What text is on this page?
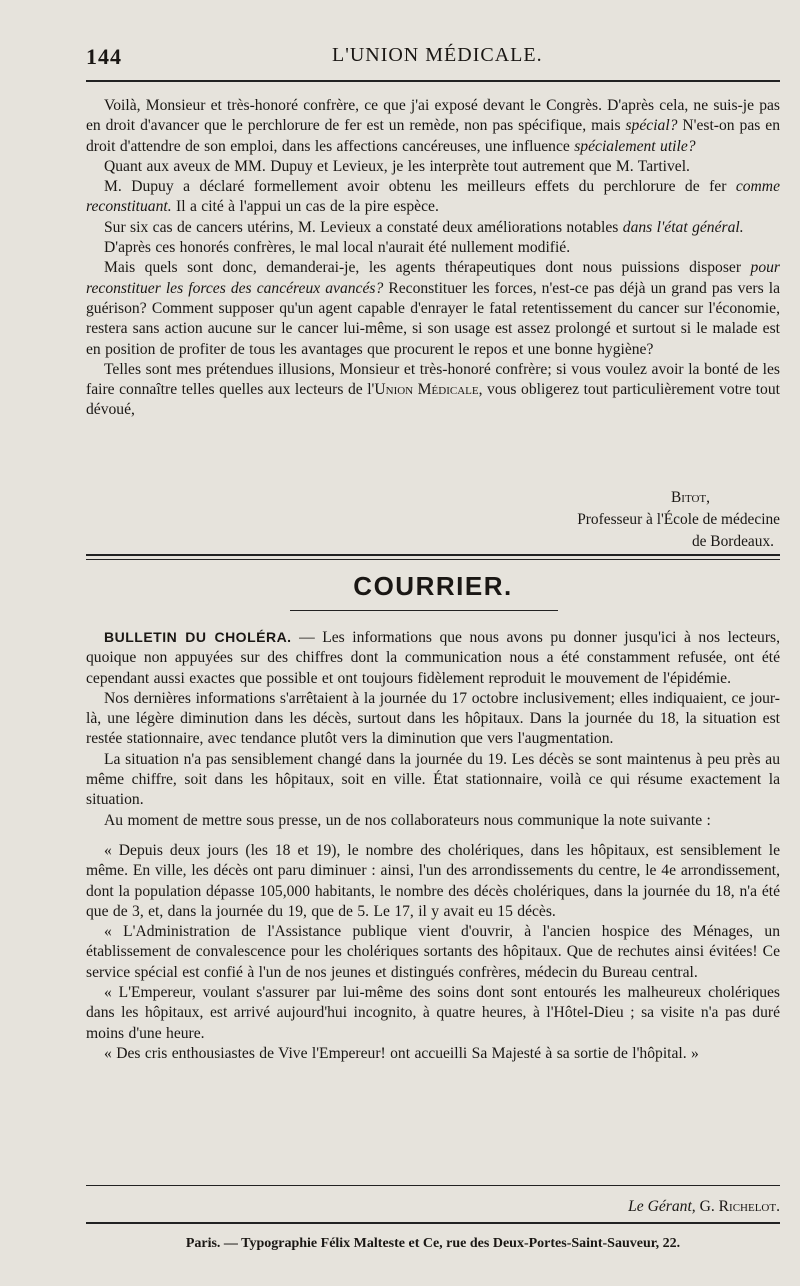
144	L'UNION MÉDICALE.

Voilà, Monsieur et très-honoré confrère, ce que j'ai exposé devant le Congrès. D'après cela, ne suis-je pas en droit d'avancer que le perchlorure de fer est un remède, non pas spécifique, mais spécial? N'est-on pas en droit d'attendre de son emploi, dans les affections cancéreuses, une influence spécialement utile?

Quant aux aveux de MM. Dupuy et Levieux, je les interprète tout autrement que M. Tartivel.

M. Dupuy a déclaré formellement avoir obtenu les meilleurs effets du perchlorure de fer comme reconstituant. Il a cité à l'appui un cas de la pire espèce.

Sur six cas de cancers utérins, M. Levieux a constaté deux améliorations notables dans l'état général.

D'après ces honorés confrères, le mal local n'aurait été nullement modifié.

Mais quels sont donc, demanderai-je, les agents thérapeutiques dont nous puissions disposer pour reconstituer les forces des cancéreux avancés? Reconstituer les forces, n'est-ce pas déjà un grand pas vers la guérison? Comment supposer qu'un agent capable d'enrayer le fatal retentissement du cancer sur l'économie, restera sans action aucune sur le cancer lui-même, si son usage est assez prolongé et surtout si le malade est en position de profiter de tous les avantages que procurent le repos et une bonne hygiène?

Telles sont mes prétendues illusions, Monsieur et très-honoré confrère; si vous voulez avoir la bonté de les faire connaître telles quelles aux lecteurs de l'Union Médicale, vous obligerez tout particulièrement votre tout dévoué,

Bitot,
Professeur à l'École de médecine
de Bordeaux.
COURRIER.

BULLETIN DU CHOLÉRA. — Les informations que nous avons pu donner jusqu'ici à nos lecteurs, quoique non appuyées sur des chiffres dont la communication nous a été constamment refusée, ont été cependant aussi exactes que possible et ont toujours fidèlement reproduit le mouvement de l'épidémie.

Nos dernières informations s'arrêtaient à la journée du 17 octobre inclusivement; elles indiquaient, ce jour-là, une légère diminution dans les décès, surtout dans les hôpitaux. Dans la journée du 18, la situation est restée stationnaire, avec tendance plutôt vers la diminution que vers l'augmentation.

La situation n'a pas sensiblement changé dans la journée du 19. Les décès se sont maintenus à peu près au même chiffre, soit dans les hôpitaux, soit en ville. État stationnaire, voilà ce qui résume exactement la situation.

Au moment de mettre sous presse, un de nos collaborateurs nous communique la note suivante :

« Depuis deux jours (les 18 et 19), le nombre des cholériques, dans les hôpitaux, est sensiblement le même. En ville, les décès ont paru diminuer : ainsi, l'un des arrondissements du centre, le 4e arrondissement, dont la population dépasse 105,000 habitants, le nombre des décès cholériques, dans la journée du 18, n'a été que de 3, et, dans la journée du 19, que de 5. Le 17, il y avait eu 15 décès.

« L'Administration de l'Assistance publique vient d'ouvrir, à l'ancien hospice des Ménages, un établissement de convalescence pour les cholériques sortants des hôpitaux. Que de rechutes ainsi évitées! Ce service spécial est confié à l'un de nos jeunes et distingués confrères, médecin du Bureau central.

« L'Empereur, voulant s'assurer par lui-même des soins dont sont entourés les malheureux cholériques dans les hôpitaux, est arrivé aujourd'hui incognito, à quatre heures, à l'Hôtel-Dieu ; sa visite n'a pas duré moins d'une heure.

« Des cris enthousiastes de Vive l'Empereur! ont accueilli Sa Majesté à sa sortie de l'hôpital. »

Le Gérant, G. Richelot.
Paris. — Typographie Félix Malteste et Ce, rue des Deux-Portes-Saint-Sauveur, 22.
